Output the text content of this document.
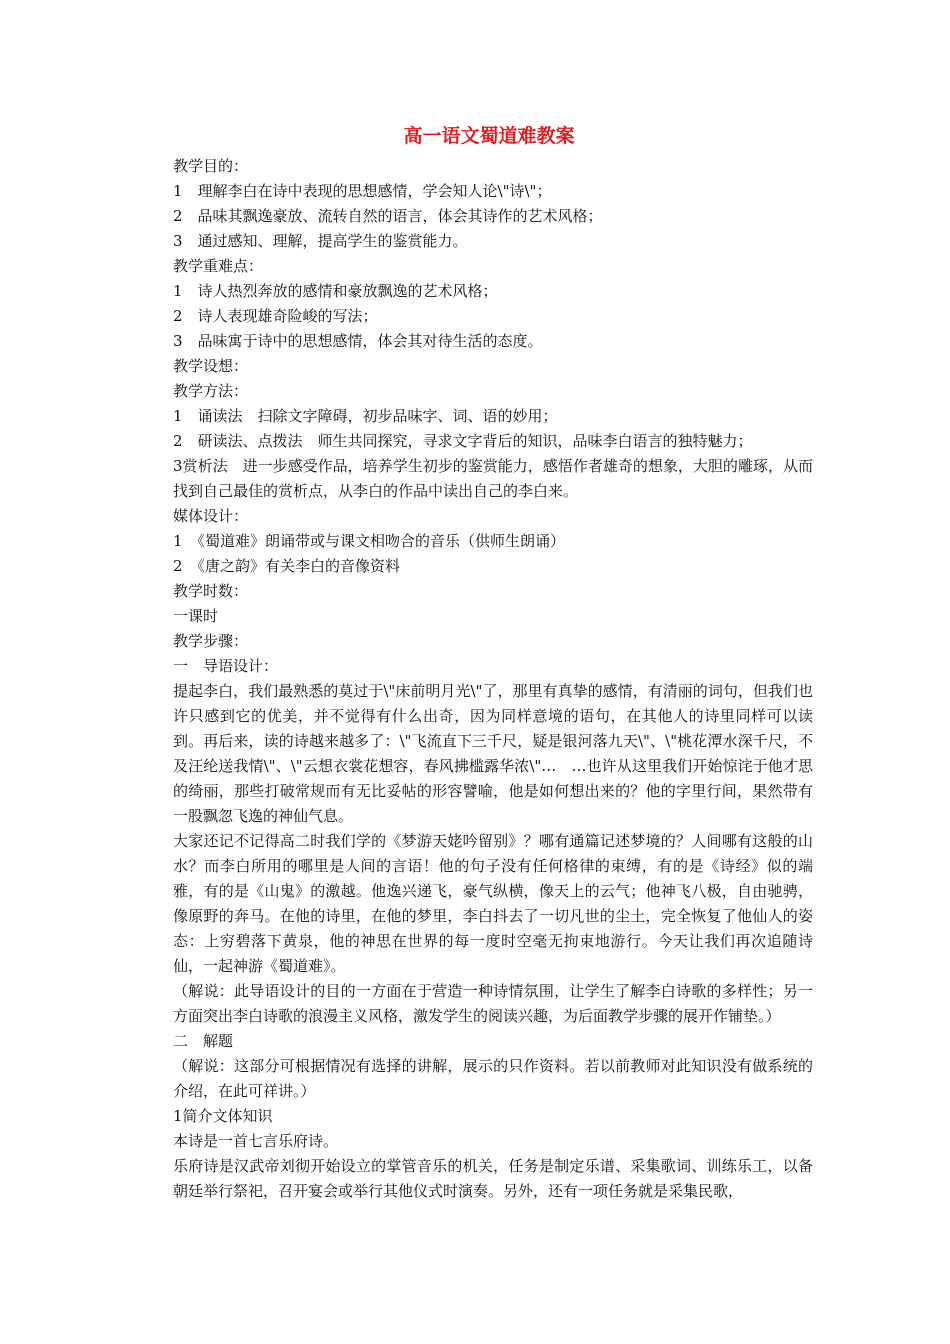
高一语文蜀道难教案
教学目的：
1　理解李白在诗中表现的思想感情，学会知人论\"诗\"；
2　品味其飘逸豪放、流转自然的语言，体会其诗作的艺术风格；
3　通过感知、理解，提高学生的鉴赏能力。
教学重难点：
1　诗人热烈奔放的感情和豪放飘逸的艺术风格；
2　诗人表现雄奇险峻的写法；
3　品味寓于诗中的思想感情，体会其对待生活的态度。
教学设想：
教学方法：
1　诵读法　扫除文字障碍，初步品味字、词、语的妙用；
2　研读法、点拨法　师生共同探究，寻求文字背后的知识，品味李白语言的独特魅力；
3赏析法　进一步感受作品，培养学生初步的鉴赏能力，感悟作者雄奇的想象，大胆的雕琢，从而找到自己最佳的赏析点，从李白的作品中读出自己的李白来。
媒体设计：
1　《蜀道难》朗诵带或与课文相吻合的音乐（供师生朗诵）
2　《唐之韵》有关李白的音像资料
教学时数：
一课时
教学步骤：
一　导语设计：
提起李白，我们最熟悉的莫过于\"床前明月光\"了，那里有真挚的感情，有清丽的词句，但我们也许只感到它的优美，并不觉得有什么出奇，因为同样意境的语句，在其他人的诗里同样可以读到。再后来，读的诗越来越多了：\"飞流直下三千尺，疑是银河落九天\"、\"桃花潭水深千尺，不及汪纶送我情\"、\"云想衣裳花想容，春风拂槛露华浓\"…　…也许从这里我们开始惊诧于他才思的绮丽，那些打破常规而有无比妥帖的形容譬喻，他是如何想出来的？他的字里行间，果然带有一股飘忽飞逸的神仙气息。
大家还记不记得高二时我们学的《梦游天姥吟留别》？哪有通篇记述梦境的？人间哪有这般的山水？而李白所用的哪里是人间的言语！他的句子没有任何格律的束缚，有的是《诗经》似的端雅，有的是《山鬼》的激越。他逸兴递飞，豪气纵横，像天上的云气；他神飞八极，自由驰骋，像原野的奔马。在他的诗里，在他的梦里，李白抖去了一切凡世的尘土，完全恢复了他仙人的姿态：上穷碧落下黄泉，他的神思在世界的每一度时空毫无拘束地游行。今天让我们再次追随诗仙，一起神游《蜀道难》。
（解说：此导语设计的目的一方面在于营造一种诗情氛围，让学生了解李白诗歌的多样性；另一方面突出李白诗歌的浪漫主义风格，激发学生的阅读兴趣，为后面教学步骤的展开作铺垫。）
二　解题
（解说：这部分可根据情况有选择的讲解，展示的只作资料。若以前教师对此知识没有做系统的介绍，在此可祥讲。）
1简介文体知识
本诗是一首七言乐府诗。
乐府诗是汉武帝刘彻开始设立的掌管音乐的机关，任务是制定乐谱、采集歌词、训练乐工，以备朝廷举行祭祀，召开宴会或举行其他仪式时演奏。另外，还有一项任务就是采集民歌，
